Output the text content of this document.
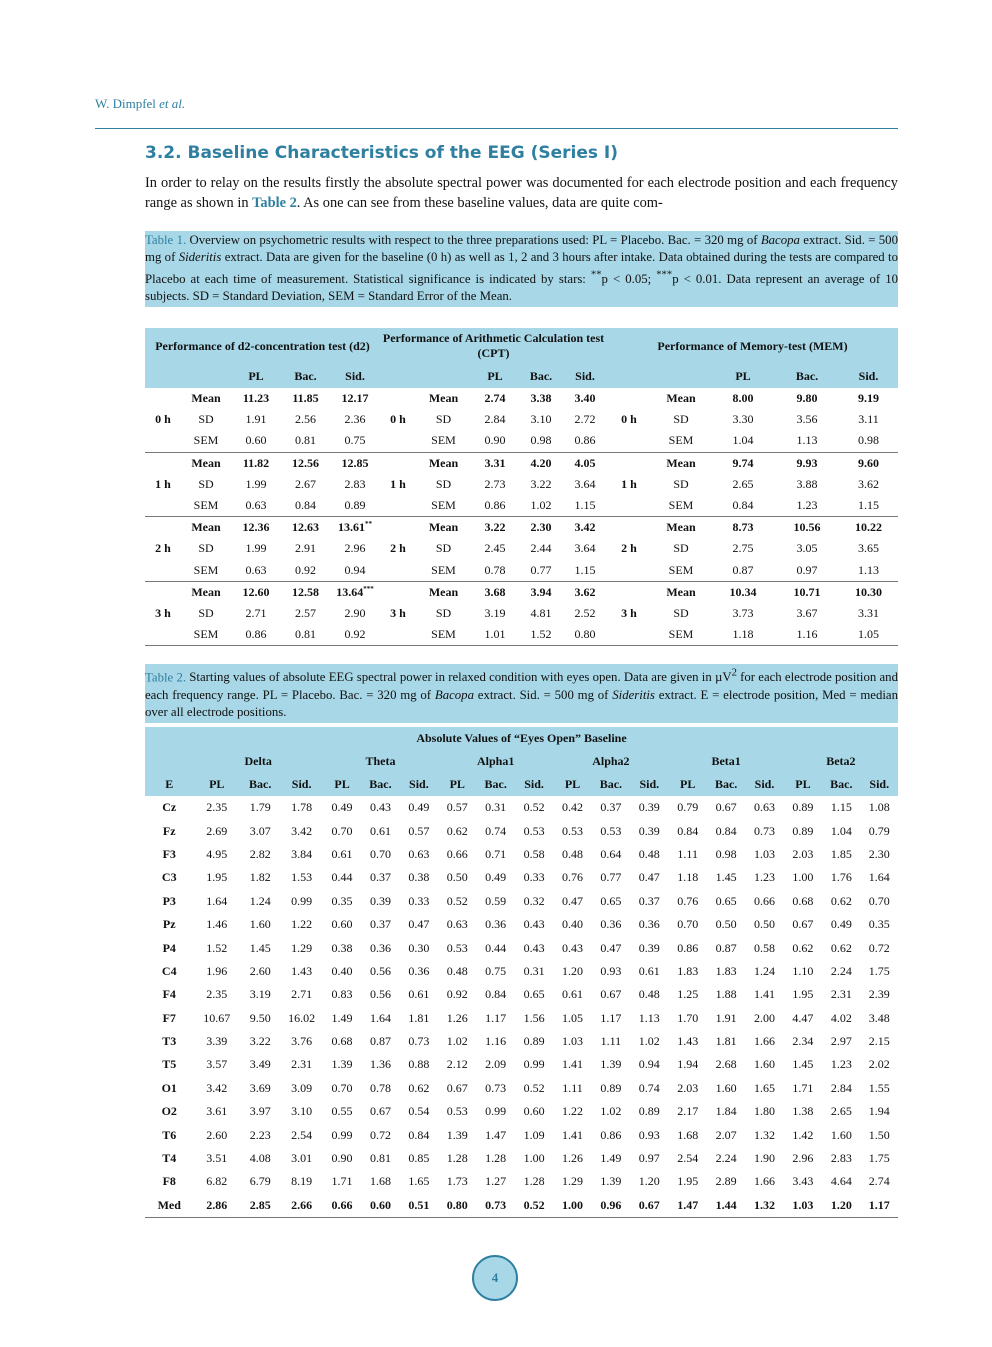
W. Dimpfel et al.
3.2. Baseline Characteristics of the EEG (Series I)
In order to relay on the results firstly the absolute spectral power was documented for each electrode position and each frequency range as shown in Table 2. As one can see from these baseline values, data are quite com-

Table 1. Overview on psychometric results with respect to the three preparations used: PL = Placebo. Bac. = 320 mg of Bacopa extract. Sid. = 500 mg of Sideritis extract. Data are given for the baseline (0 h) as well as 1, 2 and 3 hours after intake. Data obtained during the tests are compared to Placebo at each time of measurement. Statistical significance is indicated by stars: **p < 0.05; ***p < 0.01. Data represent an average of 10 subjects. SD = Standard Deviation, SEM = Standard Error of the Mean.

Performance of d2-concentration test (d2)					Performance of Arithmetic Calculation test (CPT)					Performance of Memory-test (MEM)				
		PL	Bac.	Sid.			PL	Bac.	Sid.			PL	Bac.	Sid.
	Mean	11.23	11.85	12.17		Mean	2.74	3.38	3.40		Mean	8.00	9.80	9.19
0 h	SD	1.91	2.56	2.36	0 h	SD	2.84	3.10	2.72	0 h	SD	3.30	3.56	3.11
	SEM	0.60	0.81	0.75		SEM	0.90	0.98	0.86		SEM	1.04	1.13	0.98
	Mean	11.82	12.56	12.85		Mean	3.31	4.20	4.05		Mean	9.74	9.93	9.60
1 h	SD	1.99	2.67	2.83	1 h	SD	2.73	3.22	3.64	1 h	SD	2.65	3.88	3.62
	SEM	0.63	0.84	0.89		SEM	0.86	1.02	1.15		SEM	0.84	1.23	1.15
	Mean	12.36	12.63	13.61**		Mean	3.22	2.30	3.42		Mean	8.73	10.56	10.22
2 h	SD	1.99	2.91	2.96	2 h	SD	2.45	2.44	3.64	2 h	SD	2.75	3.05	3.65
	SEM	0.63	0.92	0.94		SEM	0.78	0.77	1.15		SEM	0.87	0.97	1.13
	Mean	12.60	12.58	13.64***		Mean	3.68	3.94	3.62		Mean	10.34	10.71	10.30
3 h	SD	2.71	2.57	2.90	3 h	SD	3.19	4.81	2.52	3 h	SD	3.73	3.67	3.31
	SEM	0.86	0.81	0.92		SEM	1.01	1.52	0.80		SEM	1.18	1.16	1.05

Table 2. Starting values of absolute EEG spectral power in relaxed condition with eyes open. Data are given in µV$^2$ for each electrode position and each frequency range. PL = Placebo. Bac. = 320 mg of Bacopa extract. Sid. = 500 mg of Sideritis extract. E = electrode position, Med = median over all electrode positions.

Absolute Values of “Eyes Open” Baseline																		
	Delta			Theta			Alpha1			Alpha2			Beta1			Beta2		
E	PL	Bac.	Sid.	PL	Bac.	Sid.	PL	Bac.	Sid.	PL	Bac.	Sid.	PL	Bac.	Sid.	PL	Bac.	Sid.
Cz	2.35	1.79	1.78	0.49	0.43	0.49	0.57	0.31	0.52	0.42	0.37	0.39	0.79	0.67	0.63	0.89	1.15	1.08
Fz	2.69	3.07	3.42	0.70	0.61	0.57	0.62	0.74	0.53	0.53	0.53	0.39	0.84	0.84	0.73	0.89	1.04	0.79
F3	4.95	2.82	3.84	0.61	0.70	0.63	0.66	0.71	0.58	0.48	0.64	0.48	1.11	0.98	1.03	2.03	1.85	2.30
C3	1.95	1.82	1.53	0.44	0.37	0.38	0.50	0.49	0.33	0.76	0.77	0.47	1.18	1.45	1.23	1.00	1.76	1.64
P3	1.64	1.24	0.99	0.35	0.39	0.33	0.52	0.59	0.32	0.47	0.65	0.37	0.76	0.65	0.66	0.68	0.62	0.70
Pz	1.46	1.60	1.22	0.60	0.37	0.47	0.63	0.36	0.43	0.40	0.36	0.36	0.70	0.50	0.50	0.67	0.49	0.35
P4	1.52	1.45	1.29	0.38	0.36	0.30	0.53	0.44	0.43	0.43	0.47	0.39	0.86	0.87	0.58	0.62	0.62	0.72
C4	1.96	2.60	1.43	0.40	0.56	0.36	0.48	0.75	0.31	1.20	0.93	0.61	1.83	1.83	1.24	1.10	2.24	1.75
F4	2.35	3.19	2.71	0.83	0.56	0.61	0.92	0.84	0.65	0.61	0.67	0.48	1.25	1.88	1.41	1.95	2.31	2.39
F7	10.67	9.50	16.02	1.49	1.64	1.81	1.26	1.17	1.56	1.05	1.17	1.13	1.70	1.91	2.00	4.47	4.02	3.48
T3	3.39	3.22	3.76	0.68	0.87	0.73	1.02	1.16	0.89	1.03	1.11	1.02	1.43	1.81	1.66	2.34	2.97	2.15
T5	3.57	3.49	2.31	1.39	1.36	0.88	2.12	2.09	0.99	1.41	1.39	0.94	1.94	2.68	1.60	1.45	1.23	2.02
O1	3.42	3.69	3.09	0.70	0.78	0.62	0.67	0.73	0.52	1.11	0.89	0.74	2.03	1.60	1.65	1.71	2.84	1.55
O2	3.61	3.97	3.10	0.55	0.67	0.54	0.53	0.99	0.60	1.22	1.02	0.89	2.17	1.84	1.80	1.38	2.65	1.94
T6	2.60	2.23	2.54	0.99	0.72	0.84	1.39	1.47	1.09	1.41	0.86	0.93	1.68	2.07	1.32	1.42	1.60	1.50
T4	3.51	4.08	3.01	0.90	0.81	0.85	1.28	1.28	1.00	1.26	1.49	0.97	2.54	2.24	1.90	2.96	2.83	1.75
F8	6.82	6.79	8.19	1.71	1.68	1.65	1.73	1.27	1.28	1.29	1.39	1.20	1.95	2.89	1.66	3.43	4.64	2.74
Med	2.86	2.85	2.66	0.66	0.60	0.51	0.80	0.73	0.52	1.00	0.96	0.67	1.47	1.44	1.32	1.03	1.20	1.17
4
